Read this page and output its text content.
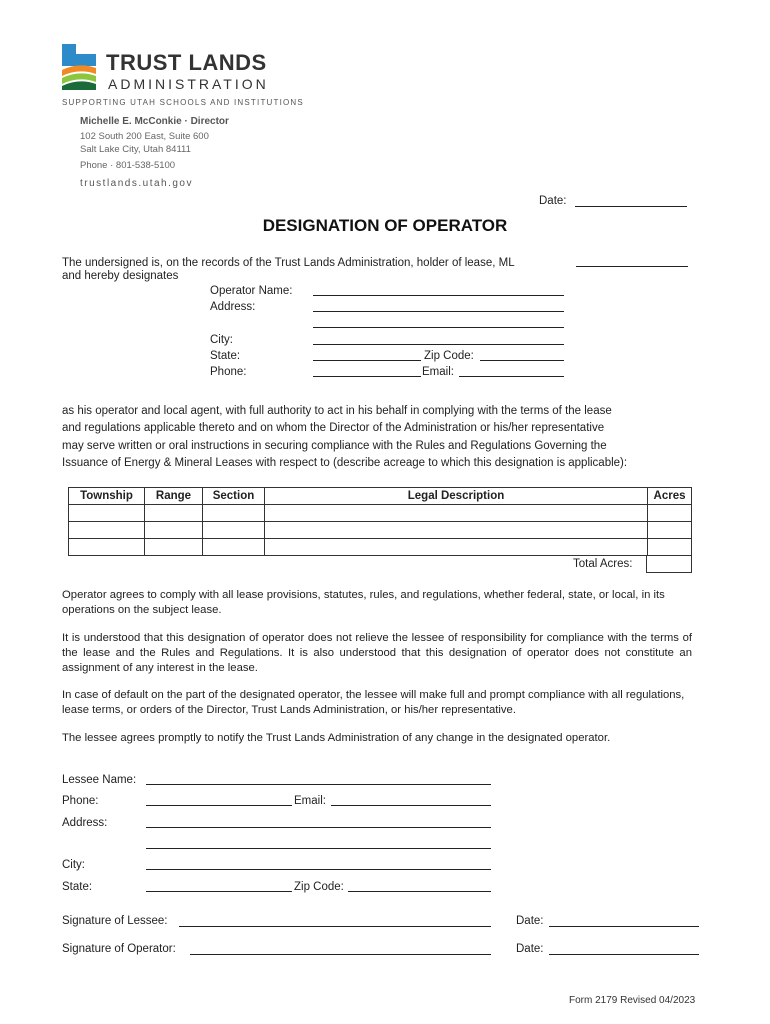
TRUST LANDS
ADMINISTRATION
SUPPORTING UTAH SCHOOLS AND INSTITUTIONS
Michelle E. McConkie · Director
102 South 200 East, Suite 600
Salt Lake City, Utah 84111
Phone · 801-538-5100
trustlands.utah.gov
Date:
DESIGNATION OF OPERATOR
The undersigned is, on the records of the Trust Lands Administration, holder of lease, ML
and hereby designates
Operator Name:
Address:
City:
State:	Zip Code:
Phone:	Email:
as his operator and local agent, with full authority to act in his behalf in complying with the terms of the lease
and regulations applicable thereto and on whom the Director of the Administration or his/her representative
may serve written or oral instructions in securing compliance with the Rules and Regulations Governing the
Issuance of Energy & Mineral Leases with respect to (describe acreage to which this designation is applicable):
Township	Range	Section	Legal Description	Acres

Total Acres:
Operator agrees to comply with all lease provisions, statutes, rules, and regulations, whether federal, state, or local, in its operations on the subject lease.
It is understood that this designation of operator does not relieve the lessee of responsibility for compliance with the terms of the lease and the Rules and Regulations. It is also understood that this designation of operator does not constitute an assignment of any interest in the lease.
In case of default on the part of the designated operator, the lessee will make full and prompt compliance with all regulations, lease terms, or orders of the Director, Trust Lands Administration, or his/her representative.
The lessee agrees promptly to notify the Trust Lands Administration of any change in the designated operator.
Lessee Name:
Phone:	Email:
Address:
City:
State:	Zip Code:
Signature of Lessee:	Date:
Signature of Operator:	Date:
Form 2179 Revised 04/2023
